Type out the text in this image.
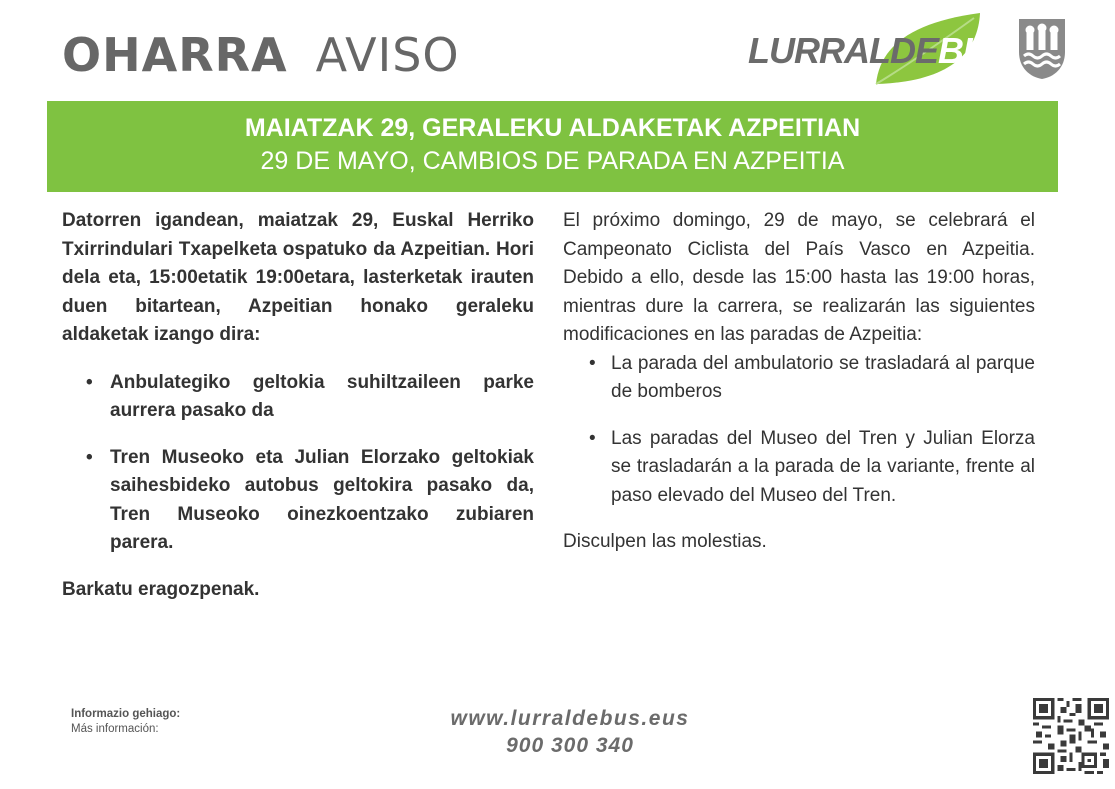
OHARRA AVISO	LURRALDEBUS
MAIATZAK 29, GERALEKU ALDAKETAK AZPEITIAN
29 DE MAYO, CAMBIOS DE PARADA EN AZPEITIA

Datorren igandean, maiatzak 29, Euskal Herriko Txirrindulari Txapelketa ospatuko da Azpeitian. Hori dela eta, 15:00etatik 19:00etara, lasterketak irauten duen bitartean, Azpeitian honako geraleku aldaketak izango dira:

• Anbulategiko geltokia suhiltzaileen parke aurrera pasako da
• Tren Museoko eta Julian Elorzako geltokiak saihesbideko autobus geltokira pasako da, Tren Museoko oinezkoentzako zubiaren parera.

Barkatu eragozpenak.

El próximo domingo, 29 de mayo, se celebrará el Campeonato Ciclista del País Vasco en Azpeitia. Debido a ello, desde las 15:00 hasta las 19:00 horas, mientras dure la carrera, se realizarán las siguientes modificaciones en las paradas de Azpeitia:

• La parada del ambulatorio se trasladará al parque de bomberos
• Las paradas del Museo del Tren y Julian Elorza se trasladarán a la parada de la variante, frente al paso elevado del Museo del Tren.

Disculpen las molestias.

Informazio gehiago:
Más información:	www.lurraldebus.eus
900 300 340
